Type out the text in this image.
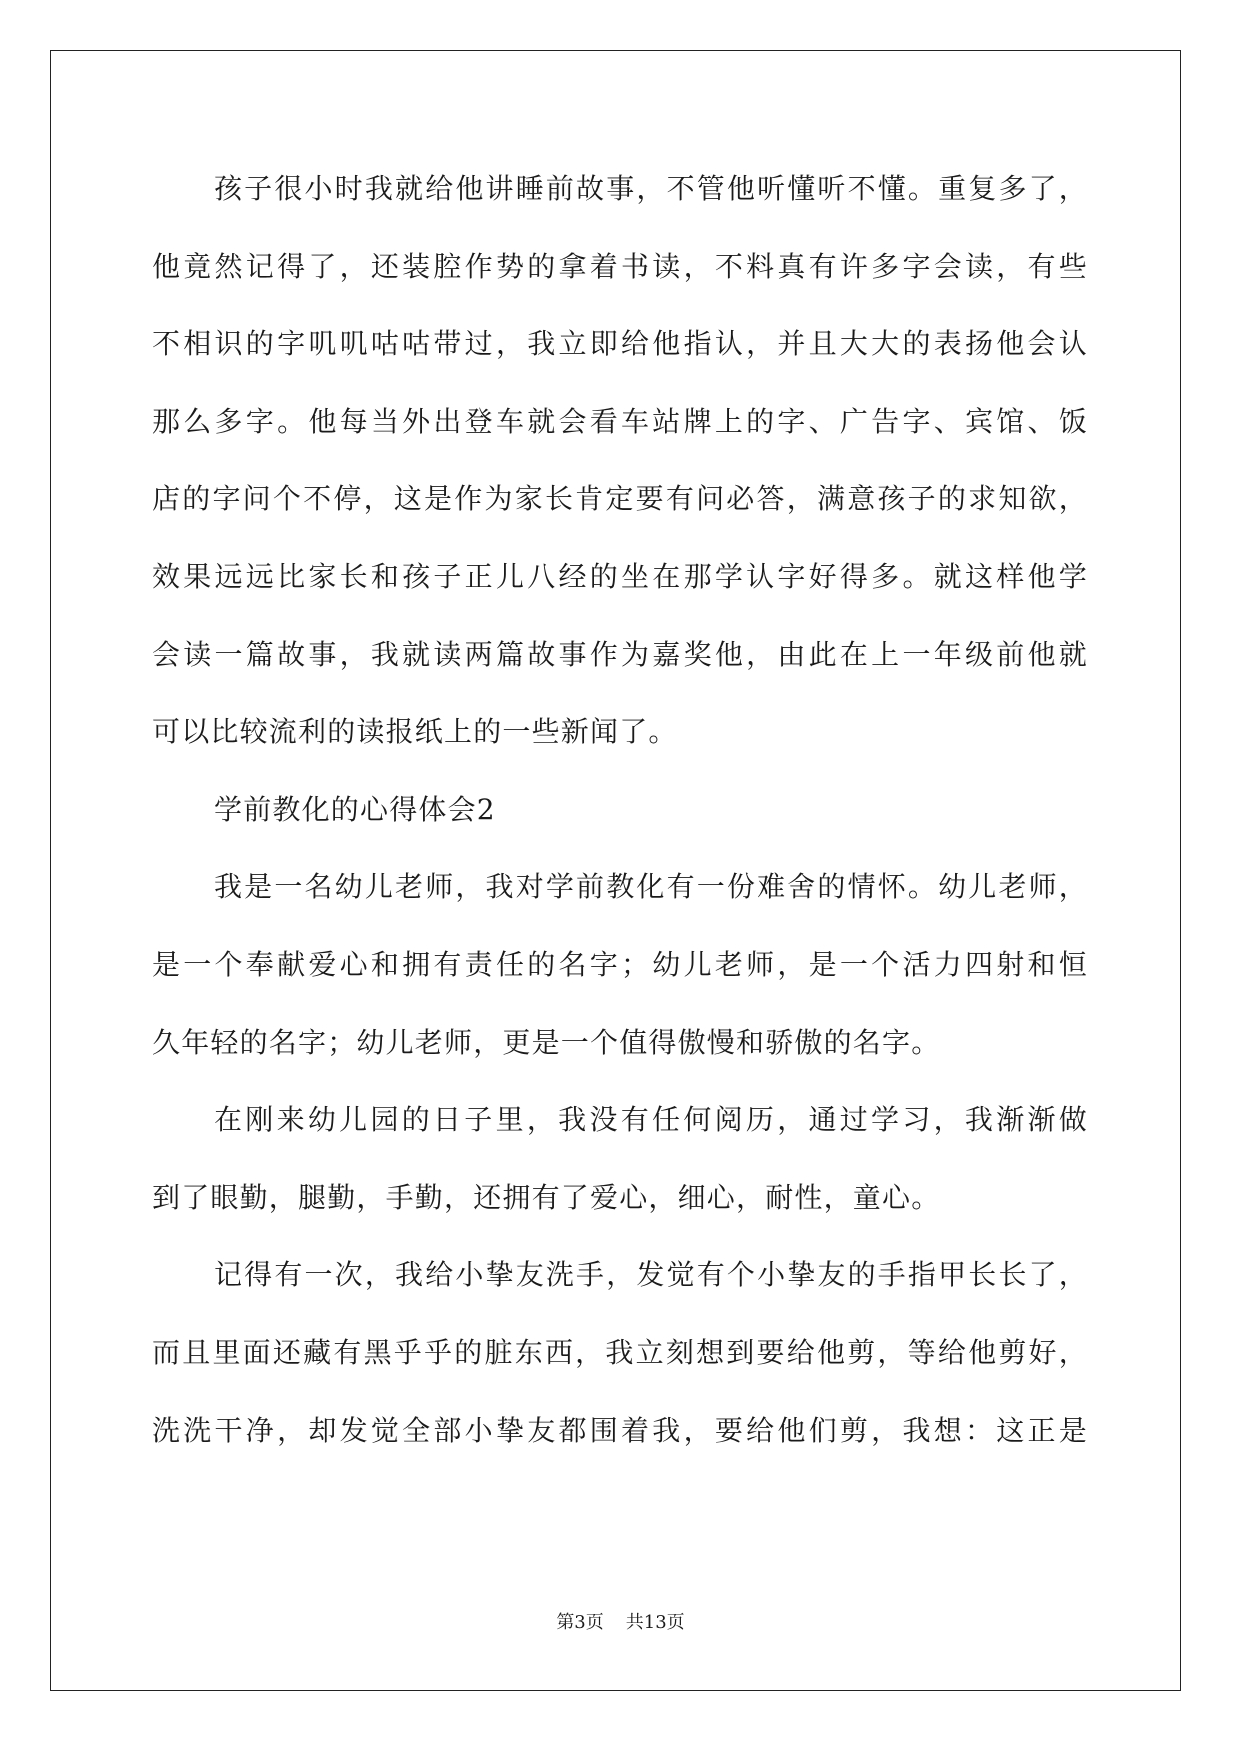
孩子很小时我就给他讲睡前故事，不管他听懂听不懂。重复多了，
他竟然记得了，还装腔作势的拿着书读，不料真有许多字会读，有些
不相识的字叽叽咕咕带过，我立即给他指认，并且大大的表扬他会认
那么多字。他每当外出登车就会看车站牌上的字、广告字、宾馆、饭
店的字问个不停，这是作为家长肯定要有问必答，满意孩子的求知欲，
效果远远比家长和孩子正儿八经的坐在那学认字好得多。就这样他学
会读一篇故事，我就读两篇故事作为嘉奖他，由此在上一年级前他就
可以比较流利的读报纸上的一些新闻了。
学前教化的心得体会2
我是一名幼儿老师，我对学前教化有一份难舍的情怀。幼儿老师，
是一个奉献爱心和拥有责任的名字；幼儿老师，是一个活力四射和恒
久年轻的名字；幼儿老师，更是一个值得傲慢和骄傲的名字。
在刚来幼儿园的日子里，我没有任何阅历，通过学习，我渐渐做
到了眼勤，腿勤，手勤，还拥有了爱心，细心，耐性，童心。
记得有一次，我给小挚友洗手，发觉有个小挚友的手指甲长长了，
而且里面还藏有黑乎乎的脏东西，我立刻想到要给他剪，等给他剪好，
洗洗干净，却发觉全部小挚友都围着我，要给他们剪，我想：这正是
第3页 共13页
